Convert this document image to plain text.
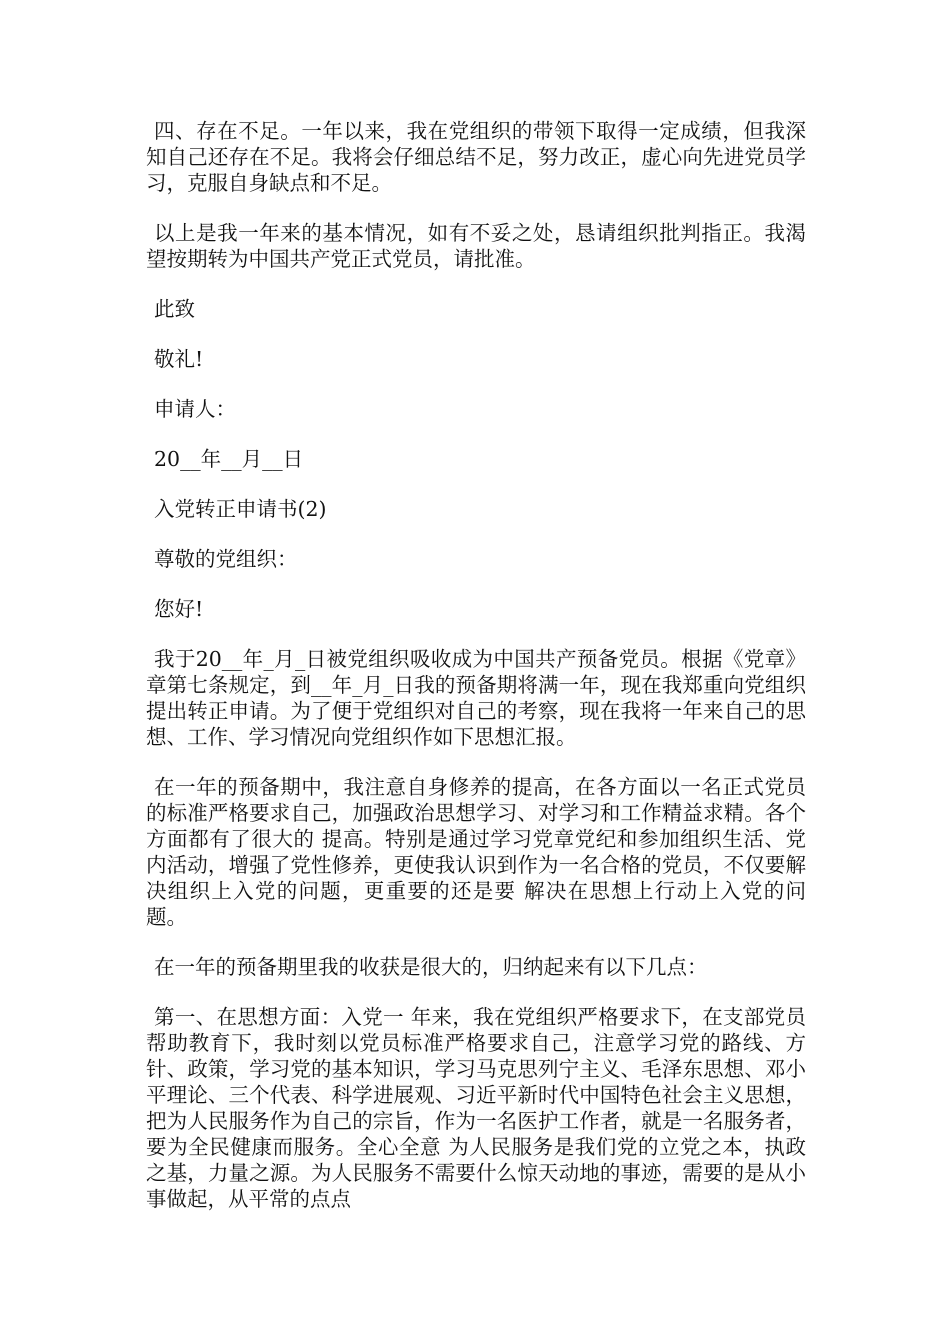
四、存在不足。一年以来，我在党组织的带领下取得一定成绩，但我深知自己还存在不足。我将会仔细总结不足，努力改正，虚心向先进党员学习，克服自身缺点和不足。

以上是我一年来的基本情况，如有不妥之处，恳请组织批判指正。我渴望按期转为中国共产党正式党员，请批准。

此致

敬礼!

申请人：

20__年__月__日

入党转正申请书(2)

尊敬的党组织：

您好!

我于20__年_月_日被党组织吸收成为中国共产预备党员。根据《党章》章第七条规定，到__年_月_日我的预备期将满一年，现在我郑重向党组织提出转正申请。为了便于党组织对自己的考察，现在我将一年来自己的思想、工作、学习情况向党组织作如下思想汇报。

在一年的预备期中，我注意自身修养的提高，在各方面以一名正式党员的标准严格要求自己，加强政治思想学习、对学习和工作精益求精。各个方面都有了很大的 提高。特别是通过学习党章党纪和参加组织生活、党内活动，增强了党性修养，更使我认识到作为一名合格的党员，不仅要解决组织上入党的问题，更重要的还是要 解决在思想上行动上入党的问题。

在一年的预备期里我的收获是很大的，归纳起来有以下几点：

第一、在思想方面：入党一 年来，我在党组织严格要求下，在支部党员帮助教育下，我时刻以党员标准严格要求自己，注意学习党的路线、方针、政策，学习党的基本知识，学习马克思列宁主义、毛泽东思想、邓小平理论、三个代表、科学进展观、习近平新时代中国特色社会主义思想，把为人民服务作为自己的宗旨，作为一名医护工作者，就是一名服务者，要为全民健康而服务。全心全意 为人民服务是我们党的立党之本，执政之基，力量之源。为人民服务不需要什么惊天动地的事迹，需要的是从小事做起，从平常的点点
